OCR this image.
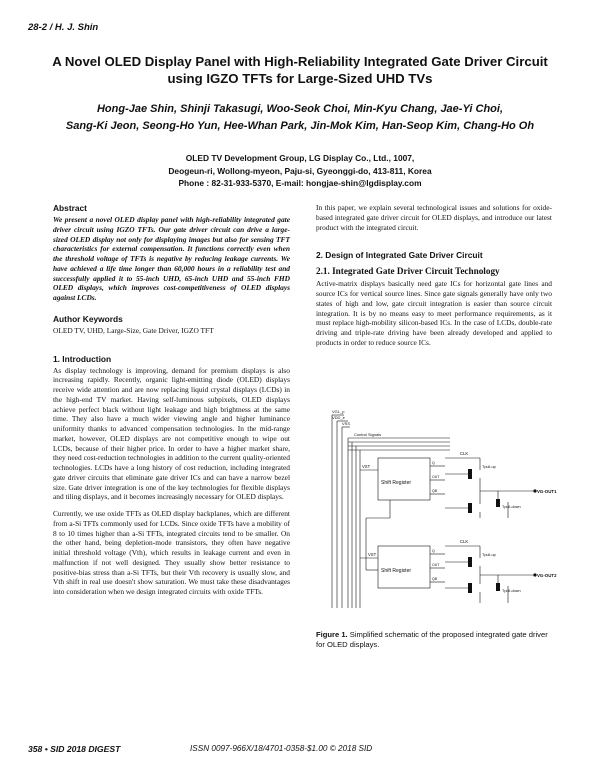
28-2 / H. J. Shin
A Novel OLED Display Panel with High-Reliability Integrated Gate Driver Circuit using IGZO TFTs for Large-Sized UHD TVs
Hong-Jae Shin, Shinji Takasugi, Woo-Seok Choi, Min-Kyu Chang, Jae-Yi Choi,
Sang-Ki Jeon, Seong-Ho Yun, Hee-Whan Park, Jin-Mok Kim, Han-Seop Kim, Chang-Ho Oh
OLED TV Development Group, LG Display Co., Ltd., 1007,
Deogeun-ri, Wollong-myeon, Paju-si, Gyeonggi-do, 413-811, Korea
Phone : 82-31-933-5370, E-mail: hongjae-shin@lgdisplay.com
Abstract

We present a novel OLED display panel with high-reliability integrated gate driver circuit using IGZO TFTs. Our gate driver circuit can drive a large-sized OLED display not only for displaying images but also for sensing TFT characteristics for external compensation. It functions correctly even when the threshold voltage of TFTs is negative by reducing leakage currents. We have achieved a life time longer than 60,000 hours in a reliability test and successfully applied it to 55-inch UHD, 65-inch UHD and 55-inch FHD OLED displays, which improves cost-competitiveness of OLED displays against LCDs.

Author Keywords

OLED TV, UHD, Large-Size, Gate Driver, IGZO TFT

1. Introduction

As display technology is improving, demand for premium displays is also increasing rapidly. Recently, organic light-emitting diode (OLED) displays receive wide attention and are now replacing liquid crystal displays (LCDs) in the high-end TV market. Having self-luminous subpixels, OLED displays achieve perfect black without light leakage and high brightness at the same time. They also have a much wider viewing angle and higher luminance uniformity thanks to advanced compensation technologies. In the mid-range market, however, OLED displays are not competitive enough to wipe out LCDs, because of their higher price. In order to have a higher market share, they need cost-reduction technologies in addition to the current quality-oriented technologies. LCDs have a long history of cost reduction, including integrated gate driver circuits that eliminate gate driver ICs and can have a narrow bezel size. Gate driver integration is one of the key technologies for flexible displays and tiling displays, and it becomes increasingly necessary for OLED displays.

Currently, we use oxide TFTs as OLED display backplanes, which are different from a-Si TFTs commonly used for LCDs. Since oxide TFTs have a mobility of 8 to 10 times higher than a-Si TFTs, integrated circuits tend to be smaller. On the other hand, being depletion-mode transistors, they often have negative initial threshold voltage (Vth), which results in leakage current and even in malfunction if not well designed. They usually show better resistance to positive-bias stress than a-Si TFTs, but their Vth recovery is usually slow, and Vth shift in real use doesn't show saturation. We must take these disadvantages into consideration when we design integrated circuits with oxide TFTs.

In this paper, we explain several technological issues and solutions for oxide-based integrated gate driver circuit for OLED displays, and introduce our latest product with the integrated circuit.

2. Design of Integrated Gate Driver Circuit
2.1. Integrated Gate Driver Circuit Technology

Active-matrix displays basically need gate ICs for horizontal gate lines and source ICs for vertical source lines. Since gate signals generally have only two states of high and low, gate circuit integration is easier than source circuit integration. It is by no means easy to meet performance requirements, as it must replace high-mobility silicon-based ICs. In the case of LCDs, double-rate driving and triple-rate driving have been already developed and applied to products in order to reduce source ICs.

VGL_p
VDD_e
VSS
Control Signals
CLK
CLK
VST
VST
Shift Register
Shift Register
Q
OUT
QB
Q
OUT
QB
Tpull-up
Tpull-up
Tpull-down
Tpull-down
VG-OUT1
VG-OUT2
Figure 1. Simplified schematic of the proposed integrated gate driver for OLED displays.
358 • SID 2018 DIGEST	ISSN 0097-966X/18/4701-0358-$1.00 © 2018 SID
